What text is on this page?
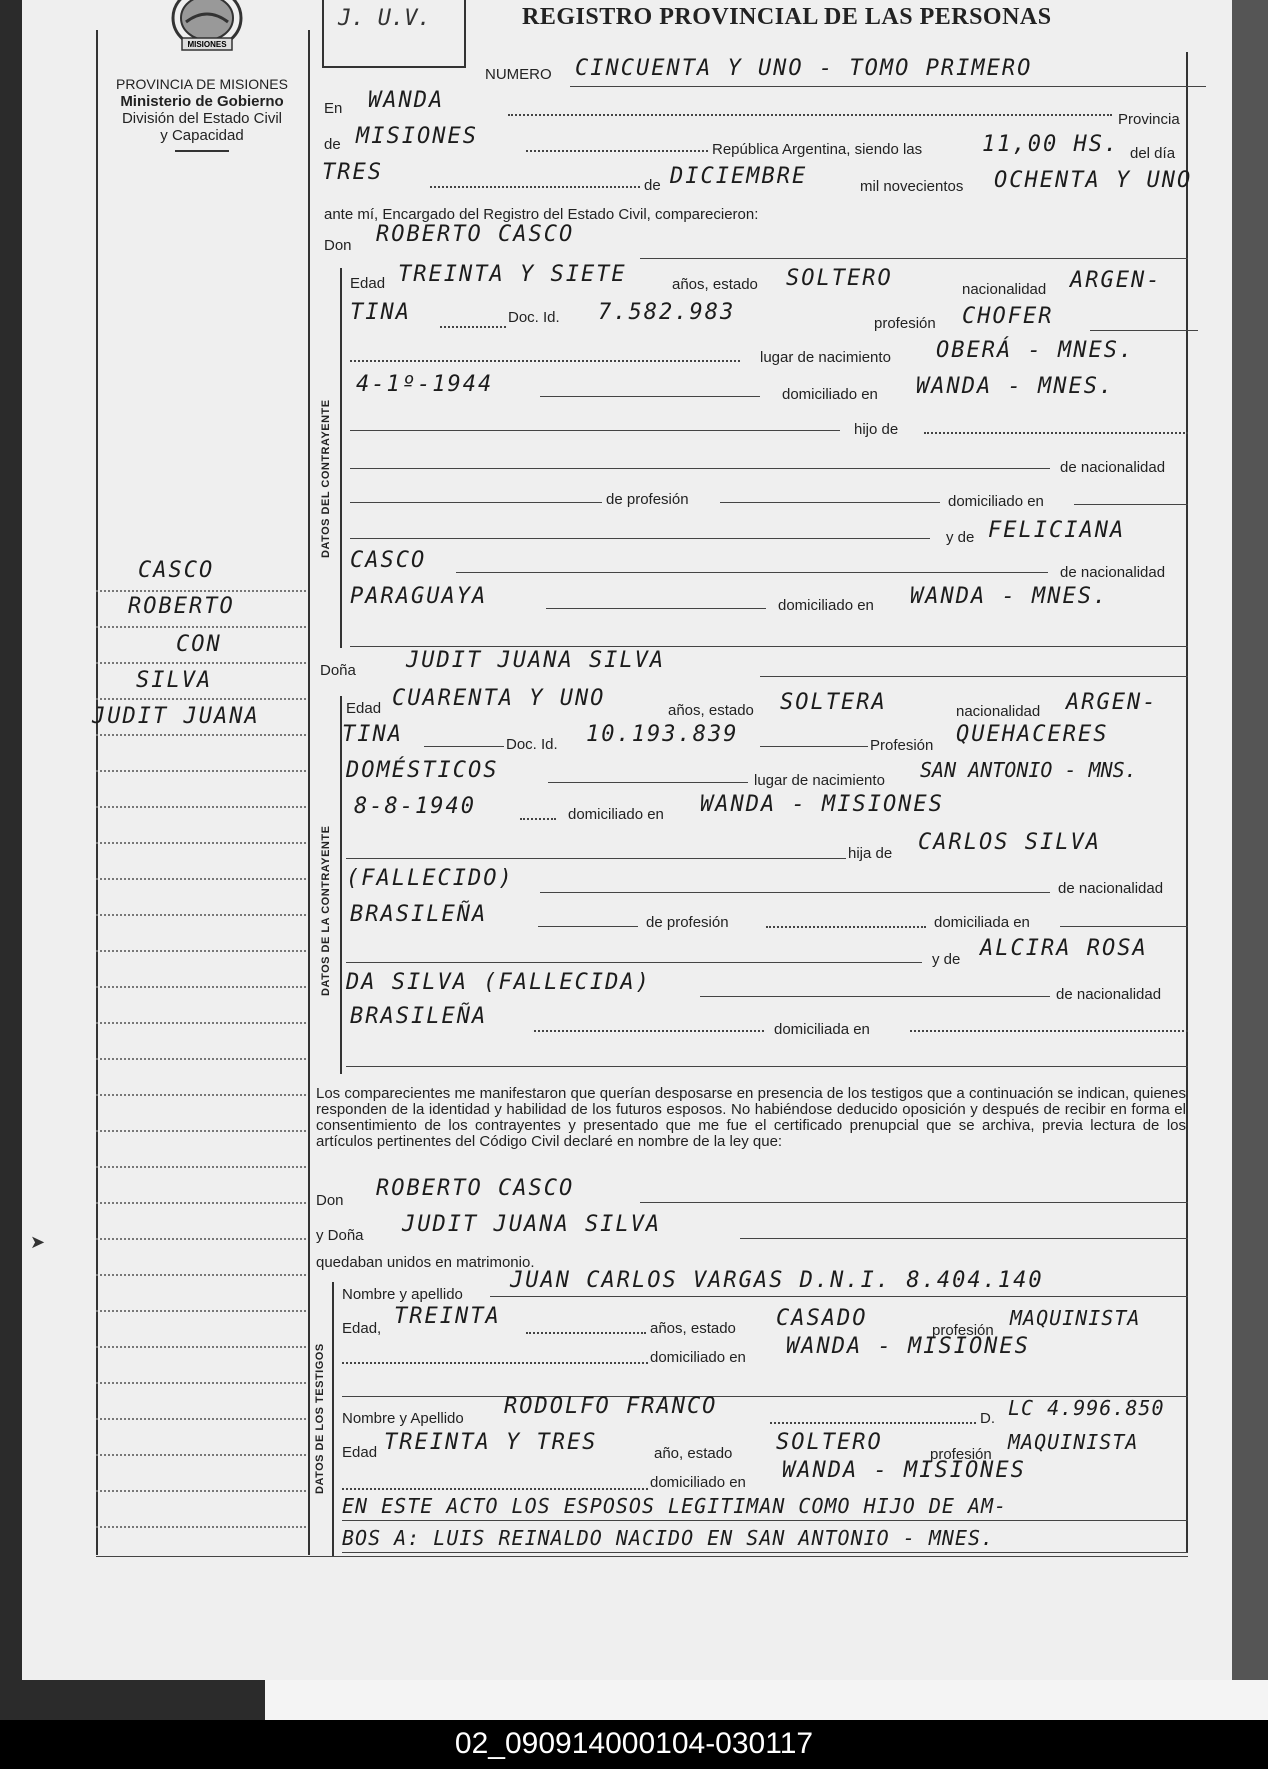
MISIONES
J. U.V.	REGISTRO PROVINCIAL DE LAS PERSONAS
PROVINCIA DE MISIONES
Ministerio de Gobierno
División del Estado Civil
y Capacidad
CASCO
ROBERTO
CON
SILVA
JUDIT JUANA
NUMERO CINCUENTA Y UNO - TOMO PRIMERO
En WANDA
Provincia
de MISIONES
República Argentina, siendo las	11,00 HS. del día
TRES
de DICIEMBRE	mil novecientos OCHENTA Y UNO
ante mí, Encargado del Registro del Estado Civil, comparecieron:
Don ROBERTO CASCO
DATOS DEL CONTRAYENTE
Edad TREINTA Y SIETE	años, estado SOLTERO	nacionalidad ARGEN-
TINA	Doc. Id. 7.582.983	profesión CHOFER
lugar de nacimiento OBERÁ - MNES.
4-1º-1944	domiciliado en WANDA - MNES.
hijo de
de nacionalidad
de profesión	domiciliado en
y de FELICIANA
CASCO	de nacionalidad
PARAGUAYA	domiciliado en WANDA - MNES.
Doña JUDIT JUANA SILVA
DATOS DE LA CONTRAYENTE
Edad CUARENTA Y UNO	años, estado SOLTERA	nacionalidad ARGEN-
TINA	Doc. Id. 10.193.839	Profesión QUEHACERES
DOMÉSTICOS	lugar de nacimiento SAN ANTONIO - MNS.
8-8-1940	domiciliado en WANDA - MISIONES
hija de CARLOS SILVA
(FALLECIDO)	de nacionalidad
BRASILEÑA	de profesión	domiciliada en
y de ALCIRA ROSA
DA SILVA (FALLECIDA)	de nacionalidad
BRASILEÑA
domiciliada en
Los comparecientes me manifestaron que querían desposarse en presencia de los testigos que a continuación se indican, quienes responden de la identidad y habilidad de los futuros esposos. No habiéndose deducido oposición y después de recibir en forma el consentimiento de los contrayentes y presentado que me fue el certificado prenupcial que se archiva, previa lectura de los artículos pertinentes del Código Civil declaré en nombre de la ley que:
Don ROBERTO CASCO
y Doña JUDIT JUANA SILVA
quedaban unidos en matrimonio.
DATOS DE LOS TESTIGOS
Nombre y apellido
JUAN CARLOS VARGAS D.N.I. 8.404.140
Edad, TREINTA	años, estado CASADO	profesión
MAQUINISTA
domiciliado en WANDA - MISIONES
Nombre y Apellido RODOLFO FRANCO	D. LC 4.996.850
Edad TREINTA Y TRES	año, estado SOLTERO	profesión
MAQUINISTA
domiciliado en WANDA - MISIONES
EN ESTE ACTO LOS ESPOSOS LEGITIMAN COMO HIJO DE AM-
BOS A: LUIS REINALDO NACIDO EN SAN ANTONIO - MNES.
➤
02_090914000104-030117
